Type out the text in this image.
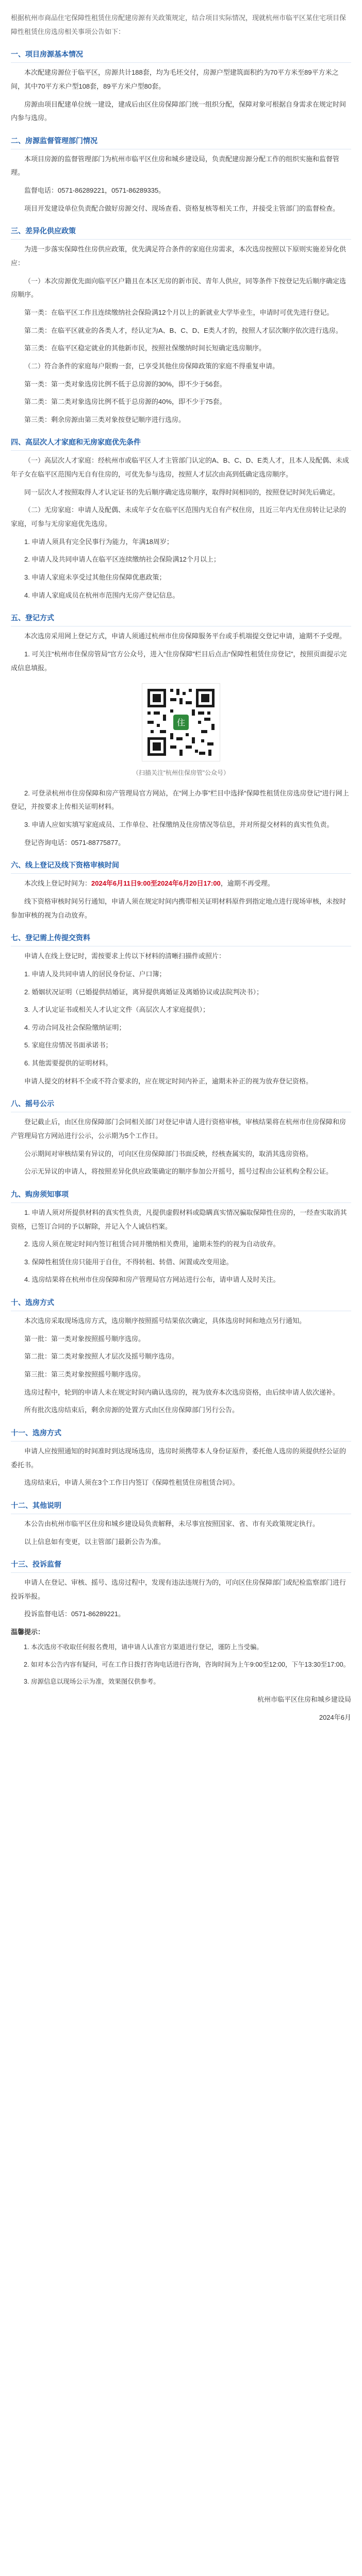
根据杭州市商品住宅保障性租赁住房配建房源有关政策规定，结合项目实际情况，现就杭州市临平区某住宅项目保障性租赁住房选房相关事项公告如下：

一、项目房源基本情况

本次配建房源位于临平区，房源共计188套，均为毛坯交付，房源户型建筑面积约为70平方米至89平方米之间，其中70平方米户型108套，89平方米户型80套。

房源由项目配建单位统一建设，建成后由区住房保障部门统一组织分配，保障对象可根据自身需求在规定时间内参与选房。

二、房源监督管理部门情况

本项目房源的监督管理部门为杭州市临平区住房和城乡建设局，负责配建房源分配工作的组织实施和监督管理。

监督电话：0571-86289221，0571-86289335。

项目开发建设单位负责配合做好房源交付、现场查看、资格复核等相关工作，并接受主管部门的监督检查。

三、差异化供应政策

为进一步落实保障性住房供应政策，优先满足符合条件的家庭住房需求，本次选房按照以下原则实施差异化供应：

（一）本次房源优先面向临平区户籍且在本区无房的新市民、青年人供应，同等条件下按登记先后顺序确定选房顺序。

第一类：在临平区工作且连续缴纳社会保险满12个月以上的新就业大学毕业生，申请时可优先进行登记。

第二类：在临平区就业的各类人才，经认定为A、B、C、D、E类人才的，按照人才层次顺序依次进行选房。

第三类：在临平区稳定就业的其他新市民，按照社保缴纳时间长短确定选房顺序。

（二）符合条件的家庭每户限购一套，已享受其他住房保障政策的家庭不得重复申请。

第一类：第一类对象选房比例不低于总房源的30%，即不少于56套。

第二类：第二类对象选房比例不低于总房源的40%，即不少于75套。

第三类：剩余房源由第三类对象按登记顺序进行选房。

四、高层次人才家庭和无房家庭优先条件

（一）高层次人才家庭：经杭州市或临平区人才主管部门认定的A、B、C、D、E类人才，且本人及配偶、未成年子女在临平区范围内无自有住房的，可优先参与选房，按照人才层次由高到低确定选房顺序。

同一层次人才按照取得人才认定证书的先后顺序确定选房顺序，取得时间相同的，按照登记时间先后确定。

（二）无房家庭：申请人及配偶、未成年子女在临平区范围内无自有产权住房，且近三年内无住房转让记录的家庭，可参与无房家庭优先选房。

1. 申请人须具有完全民事行为能力，年满18周岁；

2. 申请人及共同申请人在临平区连续缴纳社会保险满12个月以上；

3. 申请人家庭未享受过其他住房保障优惠政策；

4. 申请人家庭成员在杭州市范围内无房产登记信息。

五、登记方式

本次选房采用网上登记方式，申请人须通过杭州市住房保障服务平台或手机端提交登记申请，逾期不予受理。

1. 可关注“杭州市住保房管局”官方公众号，进入“住房保障”栏目后点击“保障性租赁住房登记”，按照页面提示完成信息填报。

住

（扫描关注“杭州住保房管”公众号）

2. 可登录杭州市住房保障和房产管理局官方网站，在“网上办事”栏目中选择“保障性租赁住房选房登记”进行网上登记，并按要求上传相关证明材料。

3. 申请人应如实填写家庭成员、工作单位、社保缴纳及住房情况等信息，并对所提交材料的真实性负责。

登记咨询电话：0571-88775877。

六、线上登记及线下资格审核时间

本次线上登记时间为：2024年6月11日9:00至2024年6月20日17:00，逾期不再受理。

线下资格审核时间另行通知，申请人须在规定时间内携带相关证明材料原件到指定地点进行现场审核，未按时参加审核的视为自动放弃。

七、登记需上传提交资料

申请人在线上登记时，需按要求上传以下材料的清晰扫描件或照片：

1. 申请人及共同申请人的居民身份证、户口簿；

2. 婚姻状况证明（已婚提供结婚证，离异提供离婚证及离婚协议或法院判决书）；

3. 人才认定证书或相关人才认定文件（高层次人才家庭提供）；

4. 劳动合同及社会保险缴纳证明；

5. 家庭住房情况书面承诺书；

6. 其他需要提供的证明材料。

申请人提交的材料不全或不符合要求的，应在规定时间内补正，逾期未补正的视为放弃登记资格。

八、摇号公示

登记截止后，由区住房保障部门会同相关部门对登记申请人进行资格审核，审核结果将在杭州市住房保障和房产管理局官方网站进行公示，公示期为5个工作日。

公示期间对审核结果有异议的，可向区住房保障部门书面反映，经核查属实的，取消其选房资格。

公示无异议的申请人，将按照差异化供应政策确定的顺序参加公开摇号，摇号过程由公证机构全程公证。

九、购房须知事项

1. 申请人须对所提供材料的真实性负责，凡提供虚假材料或隐瞒真实情况骗取保障性住房的，一经查实取消其资格，已签订合同的予以解除，并记入个人诚信档案。

2. 选房人须在规定时间内签订租赁合同并缴纳相关费用，逾期未签约的视为自动放弃。

3. 保障性租赁住房只能用于自住，不得转租、转借、闲置或改变用途。

4. 选房结果将在杭州市住房保障和房产管理局官方网站进行公布，请申请人及时关注。

十、选房方式

本次选房采取现场选房方式，选房顺序按照摇号结果依次确定，具体选房时间和地点另行通知。

第一批：第一类对象按照摇号顺序选房。

第二批：第二类对象按照人才层次及摇号顺序选房。

第三批：第三类对象按照摇号顺序选房。

选房过程中，轮到的申请人未在规定时间内确认选房的，视为放弃本次选房资格，由后续申请人依次递补。

所有批次选房结束后，剩余房源的处置方式由区住房保障部门另行公告。

十一、选房方式

申请人应按照通知的时间准时到达现场选房，选房时须携带本人身份证原件，委托他人选房的须提供经公证的委托书。

选房结束后，申请人须在3个工作日内签订《保障性租赁住房租赁合同》。

十二、其他说明

本公告由杭州市临平区住房和城乡建设局负责解释，未尽事宜按照国家、省、市有关政策规定执行。

以上信息如有变更，以主管部门最新公告为准。

十三、投诉监督

申请人在登记、审核、摇号、选房过程中，发现有违法违规行为的，可向区住房保障部门或纪检监察部门进行投诉举报。

投诉监督电话：0571-86289221。

温馨提示：

1. 本次选房不收取任何报名费用，请申请人认准官方渠道进行登记，谨防上当受骗。

2. 如对本公告内容有疑问，可在工作日拨打咨询电话进行咨询，咨询时间为上午9:00至12:00，下午13:30至17:00。

3. 房源信息以现场公示为准，效果图仅供参考。

杭州市临平区住房和城乡建设局

2024年6月
